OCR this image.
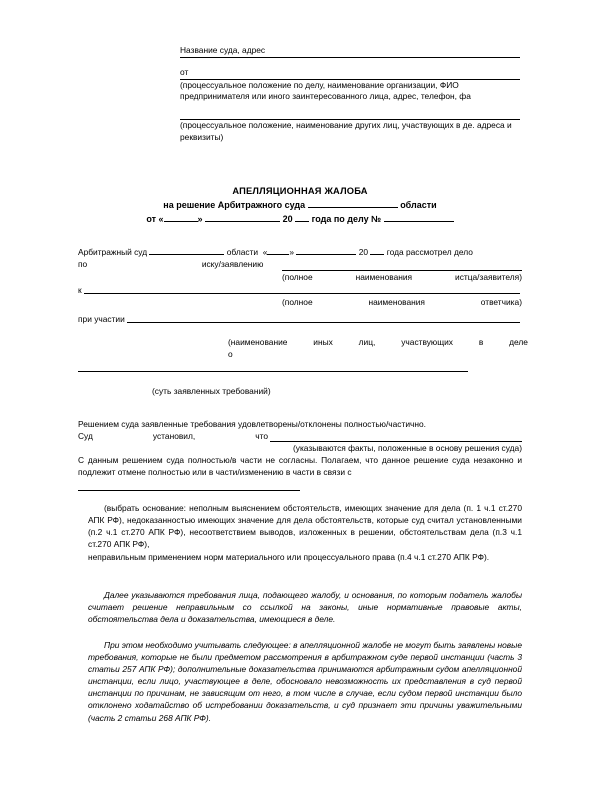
Название суда, адрес
от
(процессуальное положение по делу, наименование организации, ФИО предпринимателя или иного заинтересованного лица, адрес, телефон, фа
(процессуальное положение, наименование других лиц, участвующих в де. адреса и реквизиты)
АПЕЛЛЯЦИОННАЯ ЖАЛОБА
на решение Арбитражного суда	области
от «	»	20 года по делу №
Арбитражный суд	области «	»	20 года рассмотрел дело
по	иску/заявлению
(полное	наименования	истца/заявителя)
к
(полное	наименования	ответчика)
при участии
(наименование	иных	лиц,	участвующих	в	деле
о
(суть заявленных требований)
Решением суда заявленные требования удовлетворены/отклонены полностью/частично.
Суд	установил,	что
(указываются факты, положенные в основу решения суда)
С данным решением суда полностью/в части не согласны. Полагаем, что данное решение суда незаконно и подлежит отмене полностью или в части/изменению в части в связи с
(выбрать основание: неполным выяснением обстоятельств, имеющих значение для дела (п. 1 ч.1 ст.270 АПК РФ), недоказанностью имеющих значение для дела обстоятельств, которые суд считал установленными (п.2 ч.1 ст.270 АПК РФ), несоответствием выводов, изложенных в решении, обстоятельствам дела (п.3 ч.1 ст.270 АПК РФ),
неправильным применением норм материального или процессуального права (п.4 ч.1 ст.270 АПК РФ).
Далее указываются требования лица, подающего жалобу, и основания, по которым податель жалобы считает решение неправильным со ссылкой на законы, иные нормативные правовые акты, обстоятельства дела и доказательства, имеющиеся в деле.
При этом необходимо учитывать следующее: в апелляционной жалобе не могут быть заявлены новые требования, которые не были предметом рассмотрения в арбитражном суде первой инстанции (часть 3 статьи 257 АПК РФ); дополнительные доказательства принимаются арбитражным судом апелляционной инстанции, если лицо, участвующее в деле, обосновало невозможность их представления в суд первой инстанции по причинам, не зависящим от него, в том числе в случае, если судом первой инстанции было отклонено ходатайство об истребовании доказательств, и суд признает эти причины уважительными (часть 2 статьи 268 АПК РФ).
